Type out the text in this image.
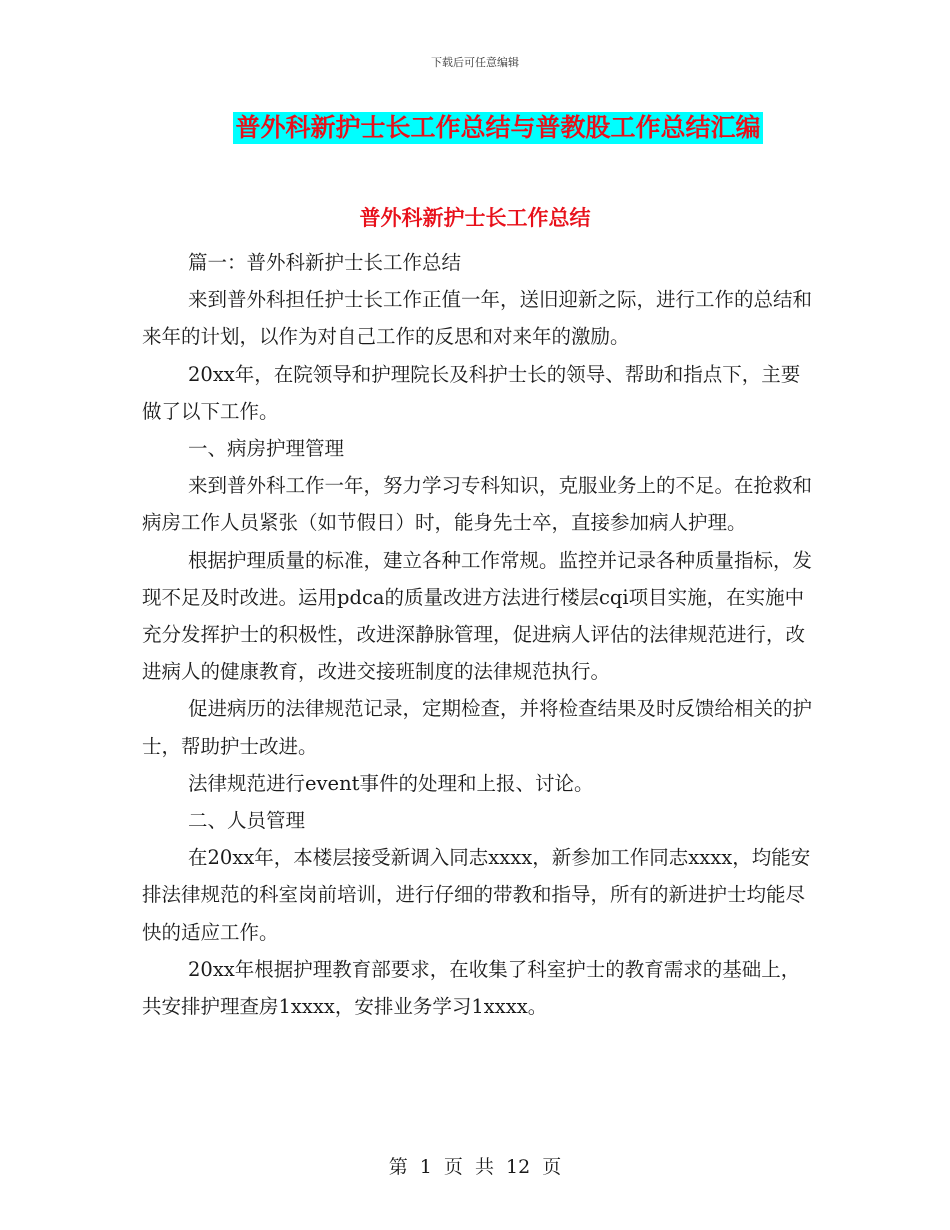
下载后可任意编辑
普外科新护士长工作总结与普教股工作总结汇编
普外科新护士长工作总结

篇一：普外科新护士长工作总结

来到普外科担任护士长工作正值一年，送旧迎新之际，进行工作的总结和来年的计划，以作为对自己工作的反思和对来年的激励。

20xx年，在院领导和护理院长及科护士长的领导、帮助和指点下，主要做了以下工作。

一、病房护理管理

来到普外科工作一年，努力学习专科知识，克服业务上的不足。在抢救和病房工作人员紧张（如节假日）时，能身先士卒，直接参加病人护理。

根据护理质量的标准，建立各种工作常规。监控并记录各种质量指标，发现不足及时改进。运用pdca的质量改进方法进行楼层cqi项目实施，在实施中充分发挥护士的积极性，改进深静脉管理，促进病人评估的法律规范进行，改进病人的健康教育，改进交接班制度的法律规范执行。

促进病历的法律规范记录，定期检查，并将检查结果及时反馈给相关的护士，帮助护士改进。

法律规范进行event事件的处理和上报、讨论。

二、人员管理

在20xx年，本楼层接受新调入同志xxxx，新参加工作同志xxxx，均能安排法律规范的科室岗前培训，进行仔细的带教和指导，所有的新进护士均能尽快的适应工作。

20xx年根据护理教育部要求，在收集了科室护士的教育需求的基础上，共安排护理查房1xxxx，安排业务学习1xxxx。

第 1 页 共 12 页
